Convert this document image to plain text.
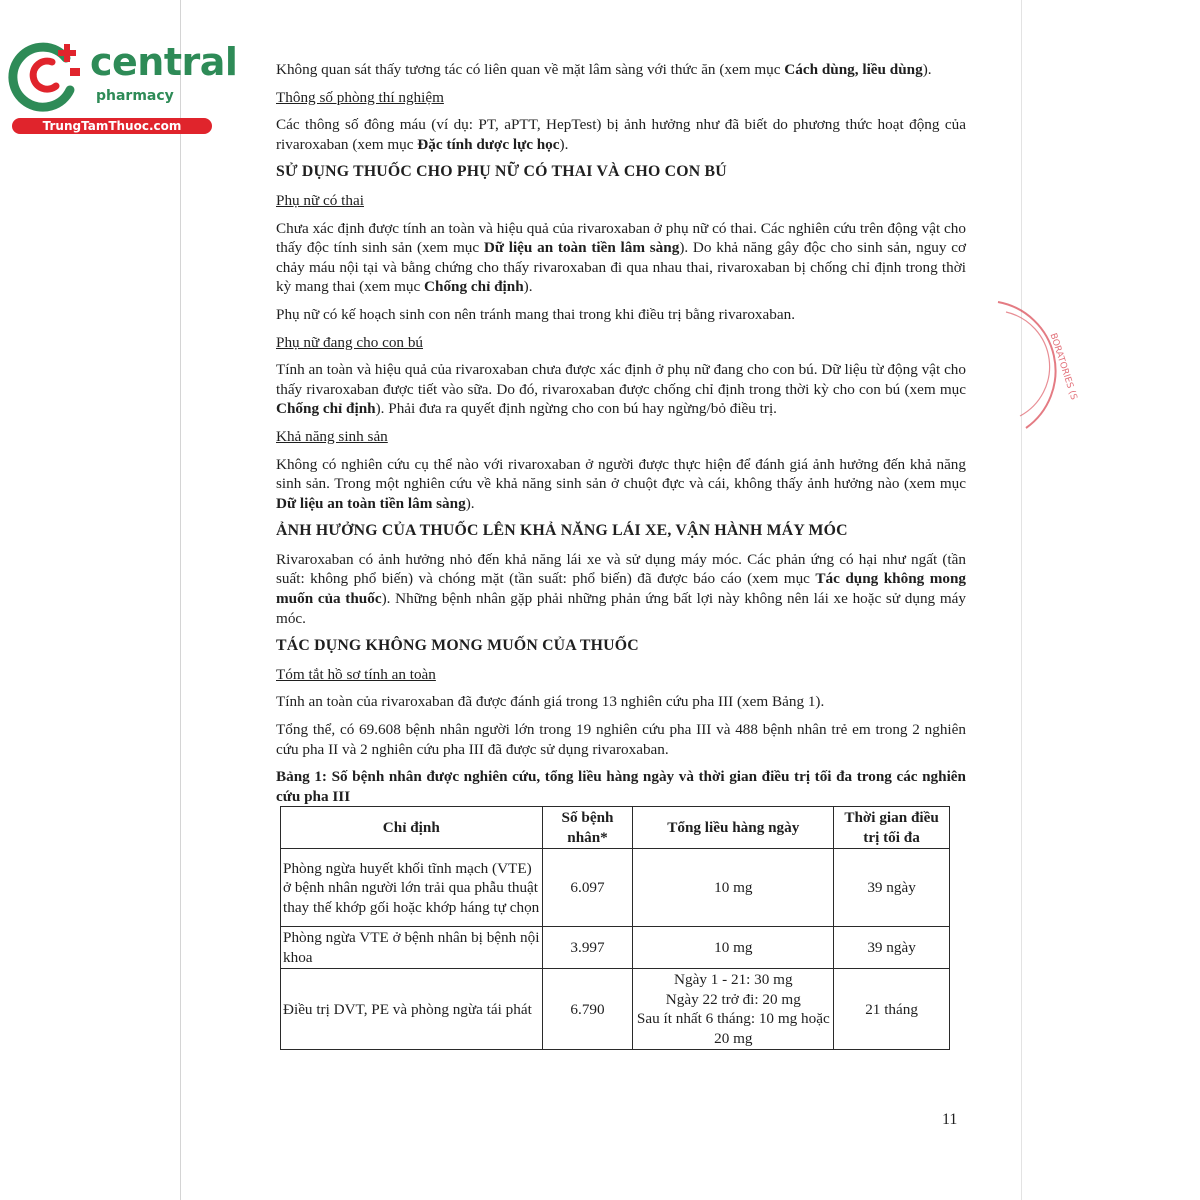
central
pharmacy
TrungTamThuoc.com
BORATORIES (S

Không quan sát thấy tương tác có liên quan về mặt lâm sàng với thức ăn (xem mục Cách dùng, liều dùng).

Thông số phòng thí nghiệm

Các thông số đông máu (ví dụ: PT, aPTT, HepTest) bị ảnh hưởng như đã biết do phương thức hoạt động của rivaroxaban (xem mục Đặc tính dược lực học).

SỬ DỤNG THUỐC CHO PHỤ NỮ CÓ THAI VÀ CHO CON BÚ

Phụ nữ có thai

Chưa xác định được tính an toàn và hiệu quả của rivaroxaban ở phụ nữ có thai. Các nghiên cứu trên động vật cho thấy độc tính sinh sản (xem mục Dữ liệu an toàn tiền lâm sàng). Do khả năng gây độc cho sinh sản, nguy cơ chảy máu nội tại và bằng chứng cho thấy rivaroxaban đi qua nhau thai, rivaroxaban bị chống chỉ định trong thời kỳ mang thai (xem mục Chống chỉ định).

Phụ nữ có kế hoạch sinh con nên tránh mang thai trong khi điều trị bằng rivaroxaban.

Phụ nữ đang cho con bú

Tính an toàn và hiệu quả của rivaroxaban chưa được xác định ở phụ nữ đang cho con bú. Dữ liệu từ động vật cho thấy rivaroxaban được tiết vào sữa. Do đó, rivaroxaban được chống chỉ định trong thời kỳ cho con bú (xem mục Chống chỉ định). Phải đưa ra quyết định ngừng cho con bú hay ngừng/bỏ điều trị.

Khả năng sinh sản

Không có nghiên cứu cụ thể nào với rivaroxaban ở người được thực hiện để đánh giá ảnh hưởng đến khả năng sinh sản. Trong một nghiên cứu về khả năng sinh sản ở chuột đực và cái, không thấy ảnh hưởng nào (xem mục Dữ liệu an toàn tiền lâm sàng).

ẢNH HƯỞNG CỦA THUỐC LÊN KHẢ NĂNG LÁI XE, VẬN HÀNH MÁY MÓC

Rivaroxaban có ảnh hưởng nhỏ đến khả năng lái xe và sử dụng máy móc. Các phản ứng có hại như ngất (tần suất: không phổ biến) và chóng mặt (tần suất: phổ biến) đã được báo cáo (xem mục Tác dụng không mong muốn của thuốc). Những bệnh nhân gặp phải những phản ứng bất lợi này không nên lái xe hoặc sử dụng máy móc.

TÁC DỤNG KHÔNG MONG MUỐN CỦA THUỐC

Tóm tắt hồ sơ tính an toàn

Tính an toàn của rivaroxaban đã được đánh giá trong 13 nghiên cứu pha III (xem Bảng 1).

Tổng thể, có 69.608 bệnh nhân người lớn trong 19 nghiên cứu pha III và 488 bệnh nhân trẻ em trong 2 nghiên cứu pha II và 2 nghiên cứu pha III đã được sử dụng rivaroxaban.

Bảng 1: Số bệnh nhân được nghiên cứu, tổng liều hàng ngày và thời gian điều trị tối đa trong các nghiên cứu pha III

Chỉ định	Số bệnh nhân*	Tổng liều hàng ngày	Thời gian điều trị tối đa
Phòng ngừa huyết khối tĩnh mạch (VTE) ở bệnh nhân người lớn trải qua phẫu thuật thay thế khớp gối hoặc khớp háng tự chọn	6.097	10 mg	39 ngày
Phòng ngừa VTE ở bệnh nhân bị bệnh nội khoa	3.997	10 mg	39 ngày
Điều trị DVT, PE và phòng ngừa tái phát	6.790	Ngày 1 - 21: 30 mg
Ngày 22 trở đi: 20 mg
Sau ít nhất 6 tháng: 10 mg hoặc 20 mg	21 tháng
11
